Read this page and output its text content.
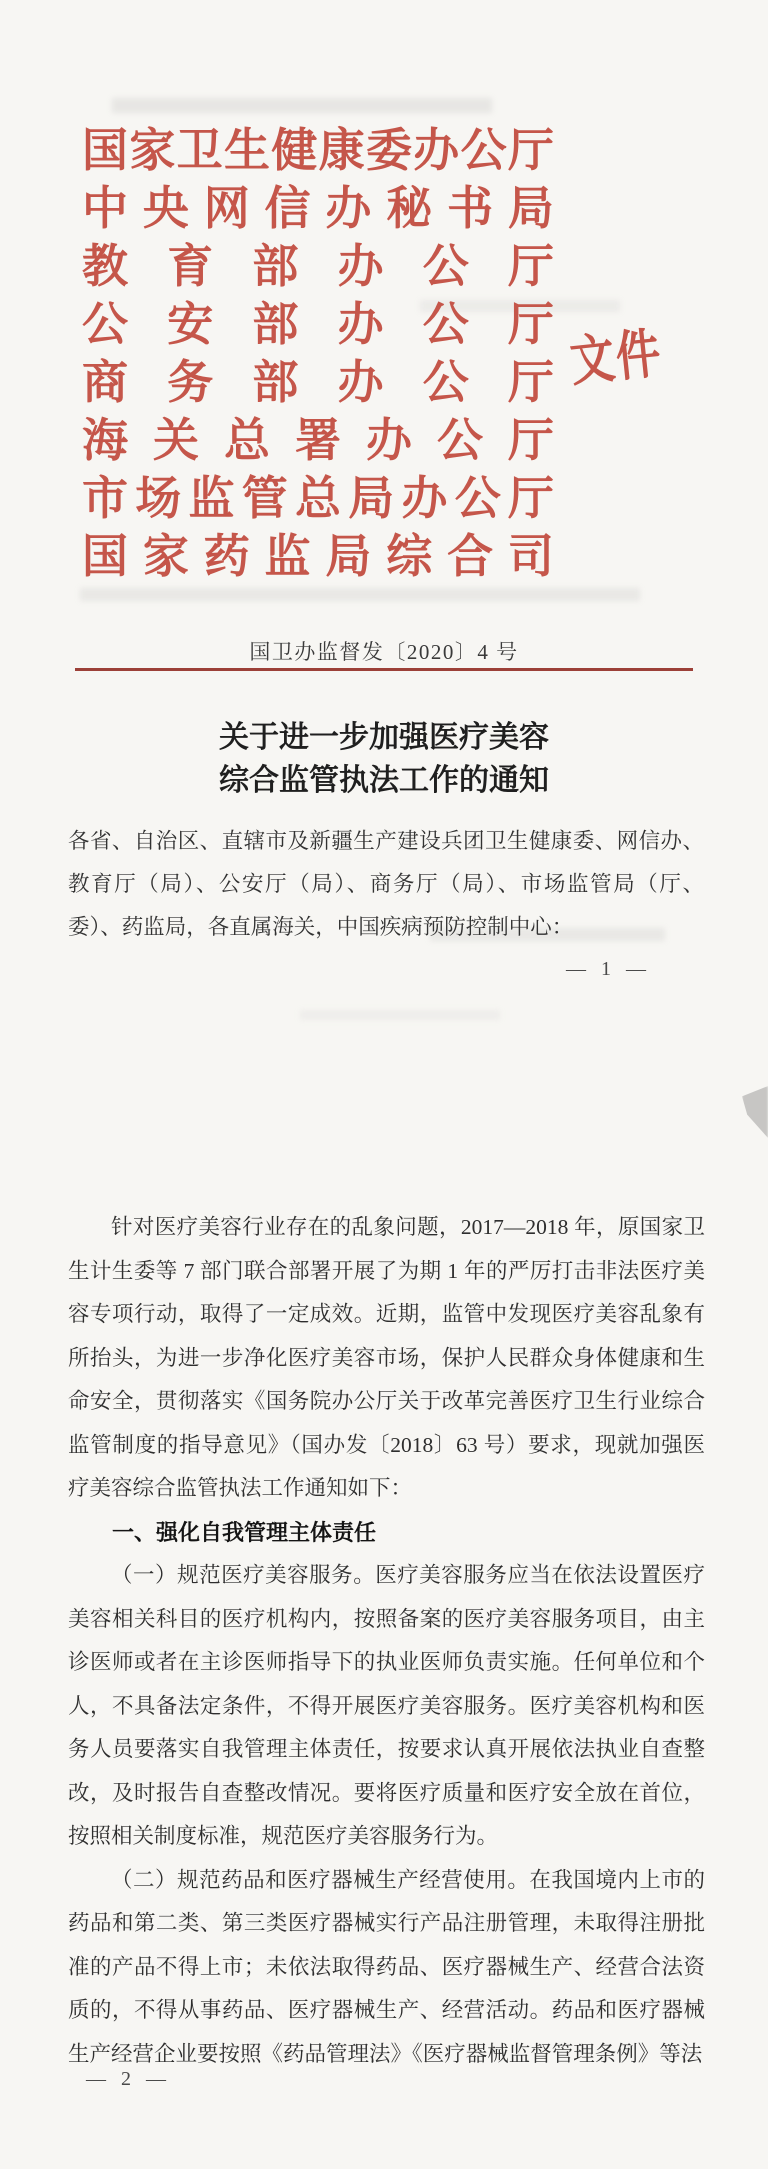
国 家 卫 生 健 康 委 办 公 厅
中 央 网 信 办 秘 书 局
教 育 部 办 公 厅
公 安 部 办 公 厅
商 务 部 办 公 厅
海 关 总 署 办 公 厅
市 场 监 管 总 局 办 公 厅
国 家 药 监 局 综 合 司
文件
国卫办监督发〔2020〕4 号
关于进一步加强医疗美容
综合监管执法工作的通知
各省、自治区、直辖市及新疆生产建设兵团卫生健康委、网信办、教育厅（局）、公安厅（局）、商务厅（局）、市场监管局（厅、委）、药监局，各直属海关，中国疾病预防控制中心：
— 1 —

针对医疗美容行业存在的乱象问题，2017—2018 年，原国家卫生计生委等 7 部门联合部署开展了为期 1 年的严厉打击非法医疗美容专项行动，取得了一定成效。近期，监管中发现医疗美容乱象有所抬头，为进一步净化医疗美容市场，保护人民群众身体健康和生命安全，贯彻落实《国务院办公厅关于改革完善医疗卫生行业综合监管制度的指导意见》（国办发〔2018〕63 号）要求，现就加强医疗美容综合监管执法工作通知如下：

一、强化自我管理主体责任

（一）规范医疗美容服务。医疗美容服务应当在依法设置医疗美容相关科目的医疗机构内，按照备案的医疗美容服务项目，由主诊医师或者在主诊医师指导下的执业医师负责实施。任何单位和个人，不具备法定条件，不得开展医疗美容服务。医疗美容机构和医务人员要落实自我管理主体责任，按要求认真开展依法执业自查整改，及时报告自查整改情况。要将医疗质量和医疗安全放在首位，按照相关制度标准，规范医疗美容服务行为。

（二）规范药品和医疗器械生产经营使用。在我国境内上市的药品和第二类、第三类医疗器械实行产品注册管理，未取得注册批准的产品不得上市；未依法取得药品、医疗器械生产、经营合法资质的，不得从事药品、医疗器械生产、经营活动。药品和医疗器械生产经营企业要按照《药品管理法》《医疗器械监督管理条例》等法

— 2 —
